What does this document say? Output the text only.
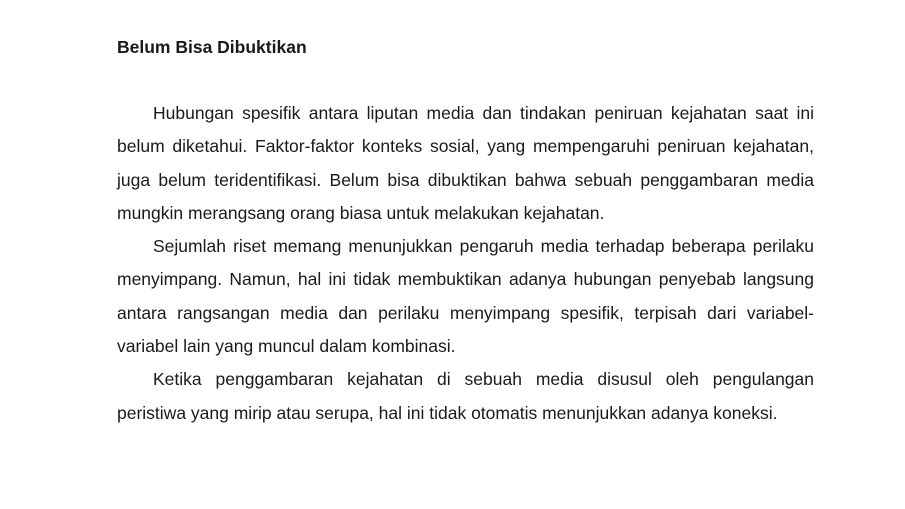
Belum Bisa Dibuktikan

Hubungan spesifik antara liputan media dan tindakan peniruan kejahatan saat ini belum diketahui. Faktor-faktor konteks sosial, yang mempengaruhi peniruan kejahatan, juga belum teridentifikasi. Belum bisa dibuktikan bahwa sebuah penggambaran media mungkin merangsang orang biasa untuk melakukan kejahatan.

Sejumlah riset memang menunjukkan pengaruh media terhadap beberapa perilaku menyimpang. Namun, hal ini tidak membuktikan adanya hubungan penyebab langsung antara rangsangan media dan perilaku menyimpang spesifik, terpisah dari variabel-variabel lain yang muncul dalam kombinasi.

Ketika penggambaran kejahatan di sebuah media disusul oleh pengulangan peristiwa yang mirip atau serupa, hal ini tidak otomatis menunjukkan adanya koneksi.
